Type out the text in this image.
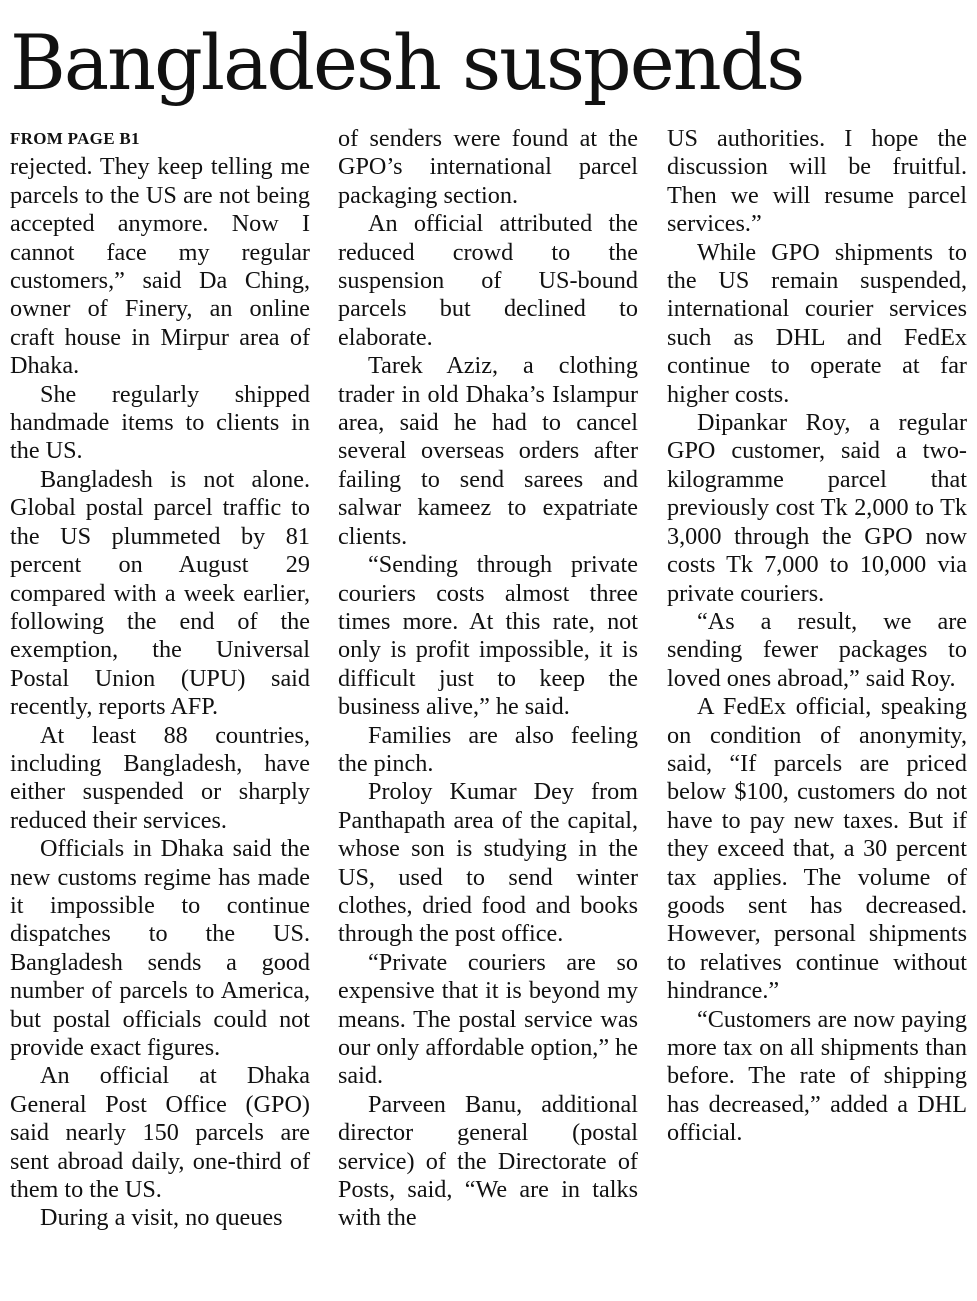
Bangladesh suspends
FROM PAGE B1

rejected. They keep telling me parcels to the US are not being accepted anymore. Now I cannot face my regular customers,” said Da Ching, owner of Finery, an online craft house in Mirpur area of Dhaka.

She regularly shipped handmade items to clients in the US.

Bangladesh is not alone. Global postal parcel traffic to the US plummeted by 81 percent on August 29 compared with a week earlier, following the end of the exemption, the Universal Postal Union (UPU) said recently, reports AFP.

At least 88 countries, including Bangladesh, have either suspended or sharply reduced their services.

Officials in Dhaka said the new customs regime has made it impossible to continue dispatches to the US. Bangladesh sends a good number of parcels to America, but postal officials could not provide exact figures.

An official at Dhaka General Post Office (GPO) said nearly 150 parcels are sent abroad daily, one-third of them to the US.

During a visit, no queues

of senders were found at the GPO’s international parcel packaging section.

An official attributed the reduced crowd to the suspension of US-bound parcels but declined to elaborate.

Tarek Aziz, a clothing trader in old Dhaka’s Islampur area, said he had to cancel several overseas orders after failing to send sarees and salwar kameez to expatriate clients.

“Sending through private couriers costs almost three times more. At this rate, not only is profit impossible, it is difficult just to keep the business alive,” he said.

Families are also feeling the pinch.

Proloy Kumar Dey from Panthapath area of the capital, whose son is studying in the US, used to send winter clothes, dried food and books through the post office.

“Private couriers are so expensive that it is beyond my means. The postal service was our only affordable option,” he said.

Parveen Banu, additional director general (postal service) of the Directorate of Posts, said, “We are in talks with the

US authorities. I hope the discussion will be fruitful. Then we will resume parcel services.”

While GPO shipments to the US remain suspended, international courier services such as DHL and FedEx continue to operate at far higher costs.

Dipankar Roy, a regular GPO customer, said a two-kilogramme parcel that previously cost Tk 2,000 to Tk 3,000 through the GPO now costs Tk 7,000 to 10,000 via private couriers.

“As a result, we are sending fewer packages to loved ones abroad,” said Roy.

A FedEx official, speaking on condition of anonymity, said, “If parcels are priced below $100, customers do not have to pay new taxes. But if they exceed that, a 30 percent tax applies. The volume of goods sent has decreased. However, personal shipments to relatives continue without hindrance.”

“Customers are now paying more tax on all shipments than before. The rate of shipping has decreased,” added a DHL official.
